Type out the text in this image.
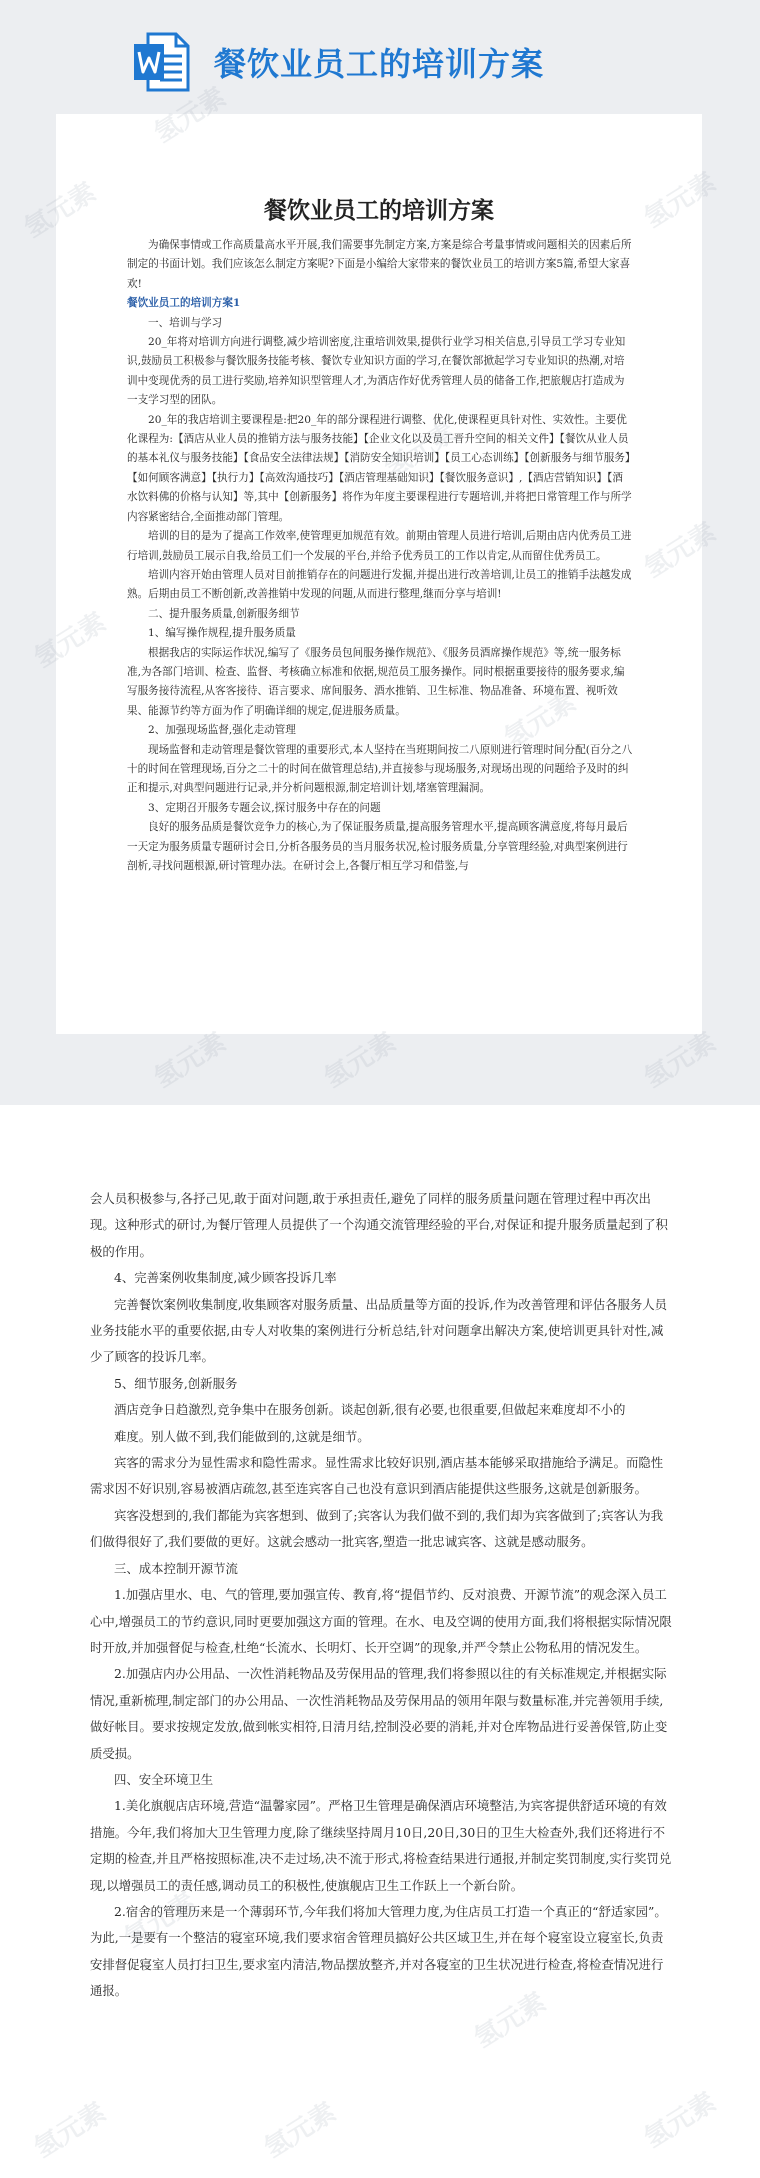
餐饮业员工的培训方案
餐饮业员工的培训方案

为确保事情或工作高质量高水平开展,我们需要事先制定方案,方案是综合考量事情或问题相关的因素后所制定的书面计划。我们应该怎么制定方案呢?下面是小编给大家带来的餐饮业员工的培训方案5篇,希望大家喜欢!

餐饮业员工的培训方案1

一、培训与学习

20_年将对培训方向进行调整,减少培训密度,注重培训效果,提供行业学习相关信息,引导员工学习专业知识,鼓励员工积极参与餐饮服务技能考核、餐饮专业知识方面的学习,在餐饮部掀起学习专业知识的热潮,对培训中变现优秀的员工进行奖励,培养知识型管理人才,为酒店作好优秀管理人员的储备工作,把旅舰店打造成为一支学习型的团队。

20_年的我店培训主要课程是:把20_年的部分课程进行调整、优化,使课程更具针对性、实效性。主要优化课程为:【酒店从业人员的推销方法与服务技能】【企业文化以及员工晋升空间的相关文件】【餐饮从业人员的基本礼仪与服务技能】【食品安全法律法规】【消防安全知识培训】【员工心态训练】【创新服务与细节服务】【如何顾客满意】【执行力】【高效沟通技巧】【酒店管理基础知识】【餐饮服务意识】,【酒店营销知识】【酒水饮料佛的价格与认知】等,其中【创新服务】将作为年度主要课程进行专题培训,并将把日常管理工作与所学内容紧密结合,全面推动部门管理。

培训的目的是为了提高工作效率,使管理更加规范有效。前期由管理人员进行培训,后期由店内优秀员工进行培训,鼓励员工展示自我,给员工们一个发展的平台,并给予优秀员工的工作以肯定,从而留住优秀员工。

培训内容开始由管理人员对目前推销存在的问题进行发掘,并提出进行改善培训,让员工的推销手法越发成熟。后期由员工不断创新,改善推销中发现的问题,从而进行整理,继而分享与培训!

二、提升服务质量,创新服务细节

1、编写操作规程,提升服务质量

根据我店的实际运作状况,编写了《服务员包间服务操作规范》、《服务员酒席操作规范》等,统一服务标准,为各部门培训、检查、监督、考核确立标准和依据,规范员工服务操作。同时根据重要接待的服务要求,编写服务接待流程,从客客接待、语言要求、席间服务、酒水推销、卫生标准、物品准备、环境布置、视听效果、能源节约等方面为作了明确详细的规定,促进服务质量。

2、加强现场监督,强化走动管理

现场监督和走动管理是餐饮管理的重要形式,本人坚持在当班期间按二八原则进行管理时间分配(百分之八十的时间在管理现场,百分之二十的时间在做管理总结),并直接参与现场服务,对现场出现的问题给予及时的纠正和提示,对典型问题进行记录,并分析问题根源,制定培训计划,堵塞管理漏洞。

3、定期召开服务专题会议,探讨服务中存在的问题

良好的服务品质是餐饮竞争力的核心,为了保证服务质量,提高服务管理水平,提高顾客满意度,将每月最后一天定为服务质量专题研讨会日,分析各服务员的当月服务状况,检讨服务质量,分享管理经验,对典型案例进行剖析,寻找问题根源,研讨管理办法。在研讨会上,各餐厅相互学习和借鉴,与

氢元素	氢元素	氢元素

会人员积极参与,各抒己见,敢于面对问题,敢于承担责任,避免了同样的服务质量问题在管理过程中再次出现。这种形式的研讨,为餐厅管理人员提供了一个沟通交流管理经验的平台,对保证和提升服务质量起到了积极的作用。

4、完善案例收集制度,减少顾客投诉几率

完善餐饮案例收集制度,收集顾客对服务质量、出品质量等方面的投诉,作为改善管理和评估各服务人员业务技能水平的重要依据,由专人对收集的案例进行分析总结,针对问题拿出解决方案,使培训更具针对性,减少了顾客的投诉几率。

5、细节服务,创新服务

酒店竞争日趋激烈,竞争集中在服务创新。谈起创新,很有必要,也很重要,但做起来难度却不小的

难度。别人做不到,我们能做到的,这就是细节。

宾客的需求分为显性需求和隐性需求。显性需求比较好识别,酒店基本能够采取措施给予满足。而隐性需求因不好识别,容易被酒店疏忽,甚至连宾客自己也没有意识到酒店能提供这些服务,这就是创新服务。

宾客没想到的,我们都能为宾客想到、做到了;宾客认为我们做不到的,我们却为宾客做到了;宾客认为我们做得很好了,我们要做的更好。这就会感动一批宾客,塑造一批忠诚宾客、这就是感动服务。

三、成本控制开源节流

1.加强店里水、电、气的管理,要加强宣传、教育,将“提倡节约、反对浪费、开源节流”的观念深入员工心中,增强员工的节约意识,同时更要加强这方面的管理。在水、电及空调的使用方面,我们将根据实际情况限时开放,并加强督促与检查,杜绝“长流水、长明灯、长开空调”的现象,并严令禁止公物私用的情况发生。

2.加强店内办公用品、一次性消耗物品及劳保用品的管理,我们将参照以往的有关标准规定,并根据实际情况,重新梳理,制定部门的办公用品、一次性消耗物品及劳保用品的领用年限与数量标准,并完善领用手续,做好帐目。要求按规定发放,做到帐实相符,日清月结,控制没必要的消耗,并对仓库物品进行妥善保管,防止变质受损。

四、安全环境卫生

1.美化旗舰店店环境,营造“温馨家园”。严格卫生管理是确保酒店环境整洁,为宾客提供舒适环境的有效措施。今年,我们将加大卫生管理力度,除了继续坚持周月10日,20日,30日的卫生大检查外,我们还将进行不定期的检查,并且严格按照标准,决不走过场,决不流于形式,将检查结果进行通报,并制定奖罚制度,实行奖罚兑现,以增强员工的责任感,调动员工的积极性,使旗舰店卫生工作跃上一个新台阶。

2.宿舍的管理历来是一个薄弱环节,今年我们将加大管理力度,为住店员工打造一个真正的“舒适家园”。为此,一是要有一个整洁的寝室环境,我们要求宿舍管理员搞好公共区域卫生,并在每个寝室设立寝室长,负责安排督促寝室人员打扫卫生,要求室内清洁,物品摆放整齐,并对各寝室的卫生状况进行检查,将检查情况进行通报。

氢元素
氢元素
氢元素	氢元素	氢元素
